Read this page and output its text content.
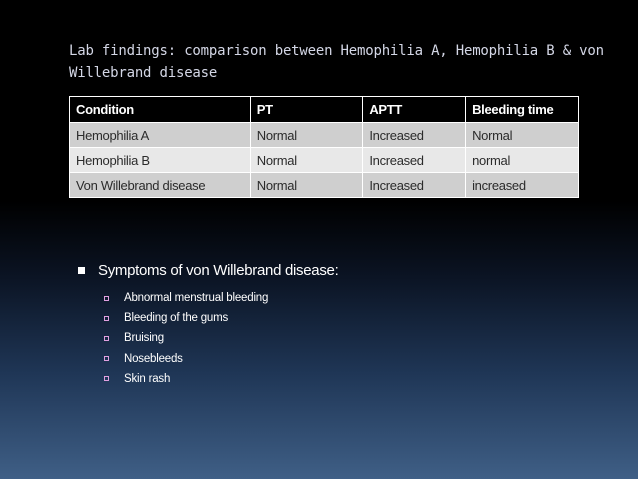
Lab findings: comparison between Hemophilia A, Hemophilia B & von Willebrand disease
Condition	PT	APTT	Bleeding time
Hemophilia A	Normal	Increased	Normal
Hemophilia B	Normal	Increased	normal
Von Willebrand disease	Normal	Increased	increased
Symptoms of von Willebrand disease:
Abnormal menstrual bleeding
Bleeding of the gums
Bruising
Nosebleeds
Skin rash
